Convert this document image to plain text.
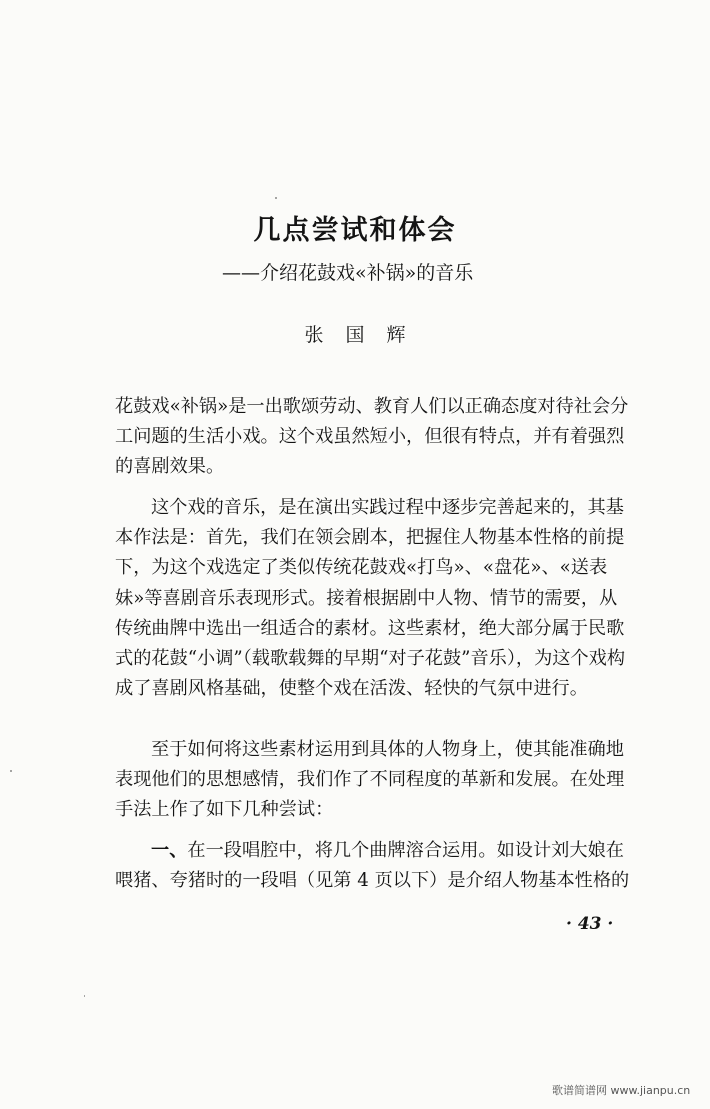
几点尝试和体会
——介绍花鼓戏«补锅»的音乐
张国辉
花鼓戏«补锅»是一出歌颂劳动、教育人们以正确态度对待社会分工问题的生活小戏。这个戏虽然短小，但很有特点，并有着强烈的喜剧效果。
这个戏的音乐，是在演出实践过程中逐步完善起来的，其基本作法是：首先，我们在领会剧本，把握住人物基本性格的前提下，为这个戏选定了类似传统花鼓戏«打鸟»、«盘花»、«送表妹»等喜剧音乐表现形式。接着根据剧中人物、情节的需要，从传统曲牌中选出一组适合的素材。这些素材，绝大部分属于民歌式的花鼓“小调”（载歌载舞的早期“对子花鼓”音乐），为这个戏构成了喜剧风格基础，使整个戏在活泼、轻快的气氛中进行。
至于如何将这些素材运用到具体的人物身上，使其能准确地表现他们的思想感情，我们作了不同程度的革新和发展。在处理手法上作了如下几种尝试：
一、在一段唱腔中，将几个曲牌溶合运用。如设计刘大娘在喂猪、夸猪时的一段唱（见第 4 页以下）是介绍人物基本性格的
· 43 ·
歌谱简谱网 www.jianpu.cn
